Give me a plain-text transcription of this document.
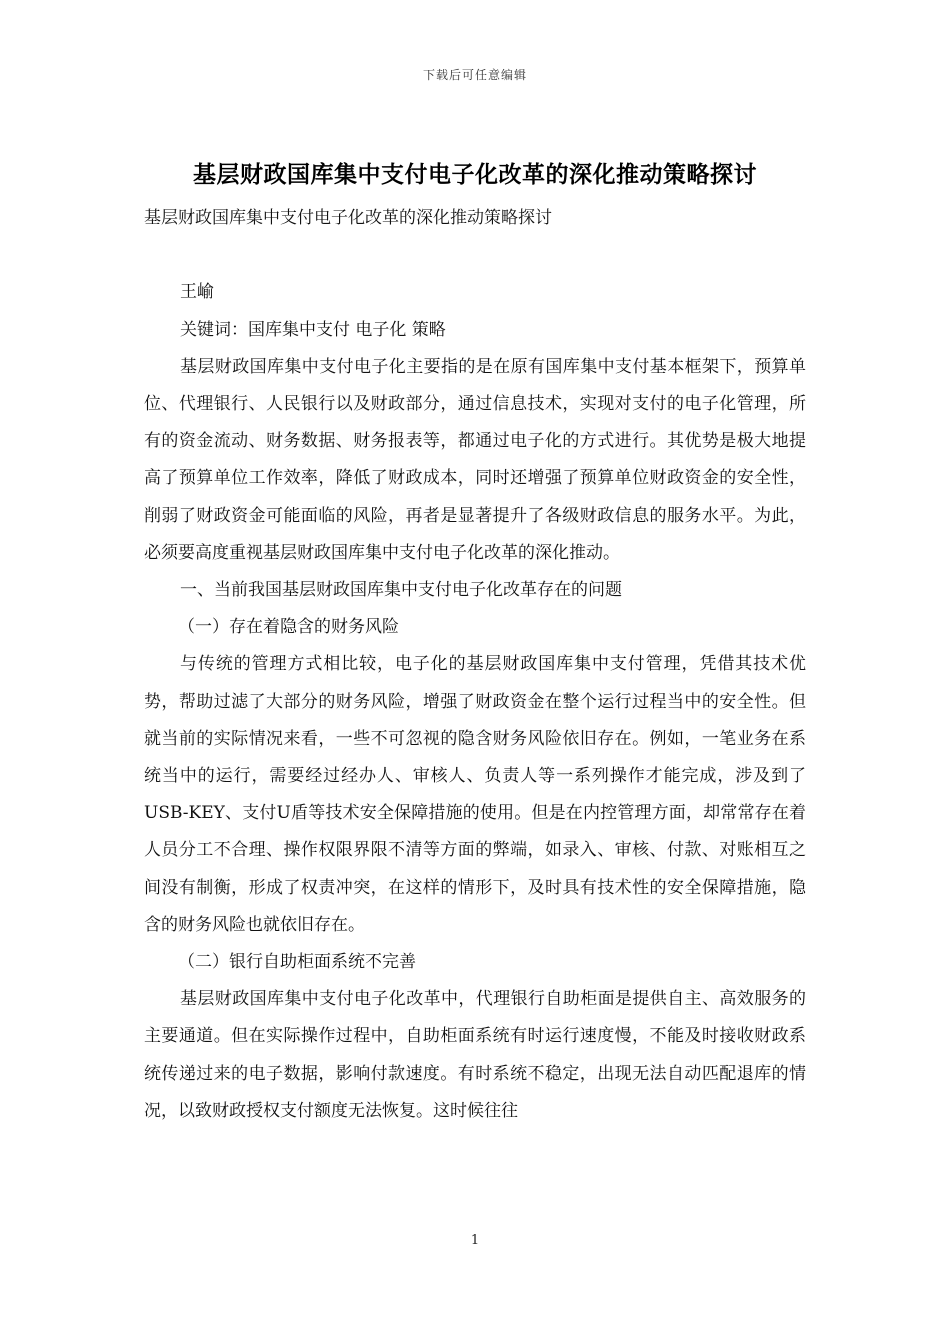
下载后可任意编辑
基层财政国库集中支付电子化改革的深化推动策略探讨

基层财政国库集中支付电子化改革的深化推动策略探讨

王崳

关键词：国库集中支付 电子化 策略

基层财政国库集中支付电子化主要指的是在原有国库集中支付基本框架下，预算单位、代理银行、人民银行以及财政部分，通过信息技术，实现对支付的电子化管理，所有的资金流动、财务数据、财务报表等，都通过电子化的方式进行。其优势是极大地提高了预算单位工作效率，降低了财政成本，同时还增强了预算单位财政资金的安全性，削弱了财政资金可能面临的风险，再者是显著提升了各级财政信息的服务水平。为此，必须要高度重视基层财政国库集中支付电子化改革的深化推动。

一、当前我国基层财政国库集中支付电子化改革存在的问题

（一）存在着隐含的财务风险

与传统的管理方式相比较，电子化的基层财政国库集中支付管理，凭借其技术优势，帮助过滤了大部分的财务风险，增强了财政资金在整个运行过程当中的安全性。但就当前的实际情况来看，一些不可忽视的隐含财务风险依旧存在。例如，一笔业务在系统当中的运行，需要经过经办人、审核人、负责人等一系列操作才能完成，涉及到了USB-KEY、支付U盾等技术安全保障措施的使用。但是在内控管理方面，却常常存在着人员分工不合理、操作权限界限不清等方面的弊端，如录入、审核、付款、对账相互之间没有制衡，形成了权责冲突，在这样的情形下，及时具有技术性的安全保障措施，隐含的财务风险也就依旧存在。

（二）银行自助柜面系统不完善

基层财政国库集中支付电子化改革中，代理银行自助柜面是提供自主、高效服务的主要通道。但在实际操作过程中，自助柜面系统有时运行速度慢，不能及时接收财政系统传递过来的电子数据，影响付款速度。有时系统不稳定，出现无法自动匹配退库的情况，以致财政授权支付额度无法恢复。这时候往往

1
